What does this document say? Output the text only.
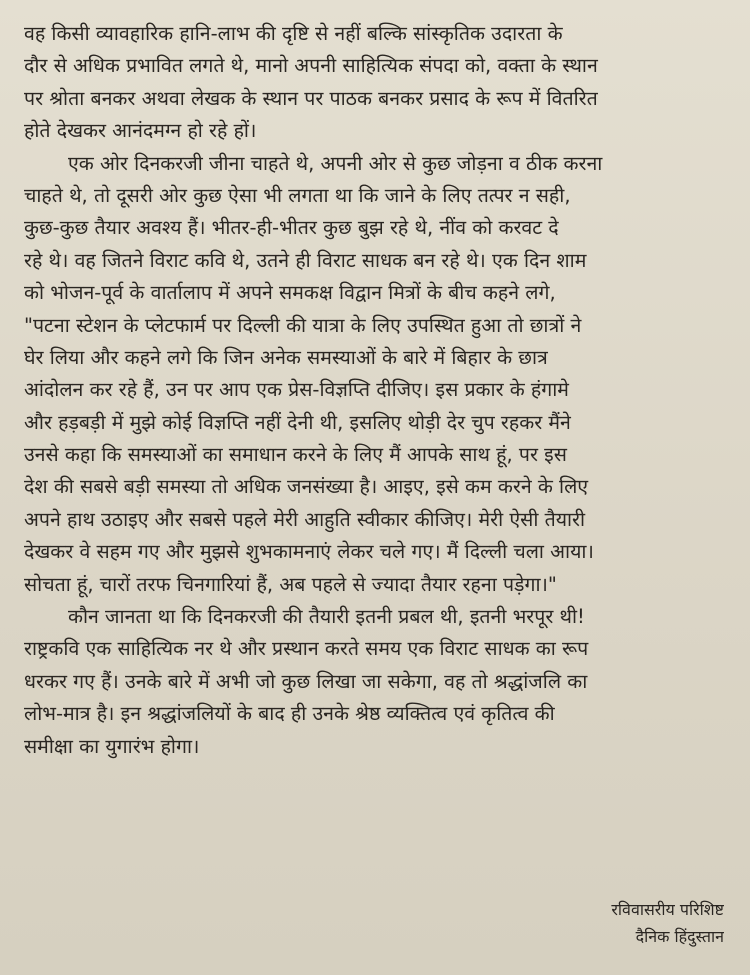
वह किसी व्यावहारिक हानि-लाभ की दृष्टि से नहीं बल्कि सांस्कृतिक उदारता के
दौर से अधिक प्रभावित लगते थे, मानो अपनी साहित्यिक संपदा को, वक्ता के स्थान
पर श्रोता बनकर अथवा लेखक के स्थान पर पाठक बनकर प्रसाद के रूप में वितरित
होते देखकर आनंदमग्न हो रहे हों।
एक ओर दिनकरजी जीना चाहते थे, अपनी ओर से कुछ जोड़ना व ठीक करना
चाहते थे, तो दूसरी ओर कुछ ऐसा भी लगता था कि जाने के लिए तत्पर न सही,
कुछ-कुछ तैयार अवश्य हैं। भीतर-ही-भीतर कुछ बुझ रहे थे, नींव को करवट दे
रहे थे। वह जितने विराट कवि थे, उतने ही विराट साधक बन रहे थे। एक दिन शाम
को भोजन-पूर्व के वार्तालाप में अपने समकक्ष विद्वान मित्रों के बीच कहने लगे,
"पटना स्टेशन के प्लेटफार्म पर दिल्ली की यात्रा के लिए उपस्थित हुआ तो छात्रों ने
घेर लिया और कहने लगे कि जिन अनेक समस्याओं के बारे में बिहार के छात्र
आंदोलन कर रहे हैं, उन पर आप एक प्रेस-विज्ञप्ति दीजिए। इस प्रकार के हंगामे
और हड़बड़ी में मुझे कोई विज्ञप्ति नहीं देनी थी, इसलिए थोड़ी देर चुप रहकर मैंने
उनसे कहा कि समस्याओं का समाधान करने के लिए मैं आपके साथ हूं, पर इस
देश की सबसे बड़ी समस्या तो अधिक जनसंख्या है। आइए, इसे कम करने के लिए
अपने हाथ उठाइए और सबसे पहले मेरी आहुति स्वीकार कीजिए। मेरी ऐसी तैयारी
देखकर वे सहम गए और मुझसे शुभकामनाएं लेकर चले गए। मैं दिल्ली चला आया।
सोचता हूं, चारों तरफ चिनगारियां हैं, अब पहले से ज्यादा तैयार रहना पड़ेगा।"
कौन जानता था कि दिनकरजी की तैयारी इतनी प्रबल थी, इतनी भरपूर थी!
राष्ट्रकवि एक साहित्यिक नर थे और प्रस्थान करते समय एक विराट साधक का रूप
धरकर गए हैं। उनके बारे में अभी जो कुछ लिखा जा सकेगा, वह तो श्रद्धांजलि का
लोभ-मात्र है। इन श्रद्धांजलियों के बाद ही उनके श्रेष्ठ व्यक्तित्व एवं कृतित्व की
समीक्षा का युगारंभ होगा।
रविवासरीय परिशिष्ट
दैनिक हिंदुस्तान
